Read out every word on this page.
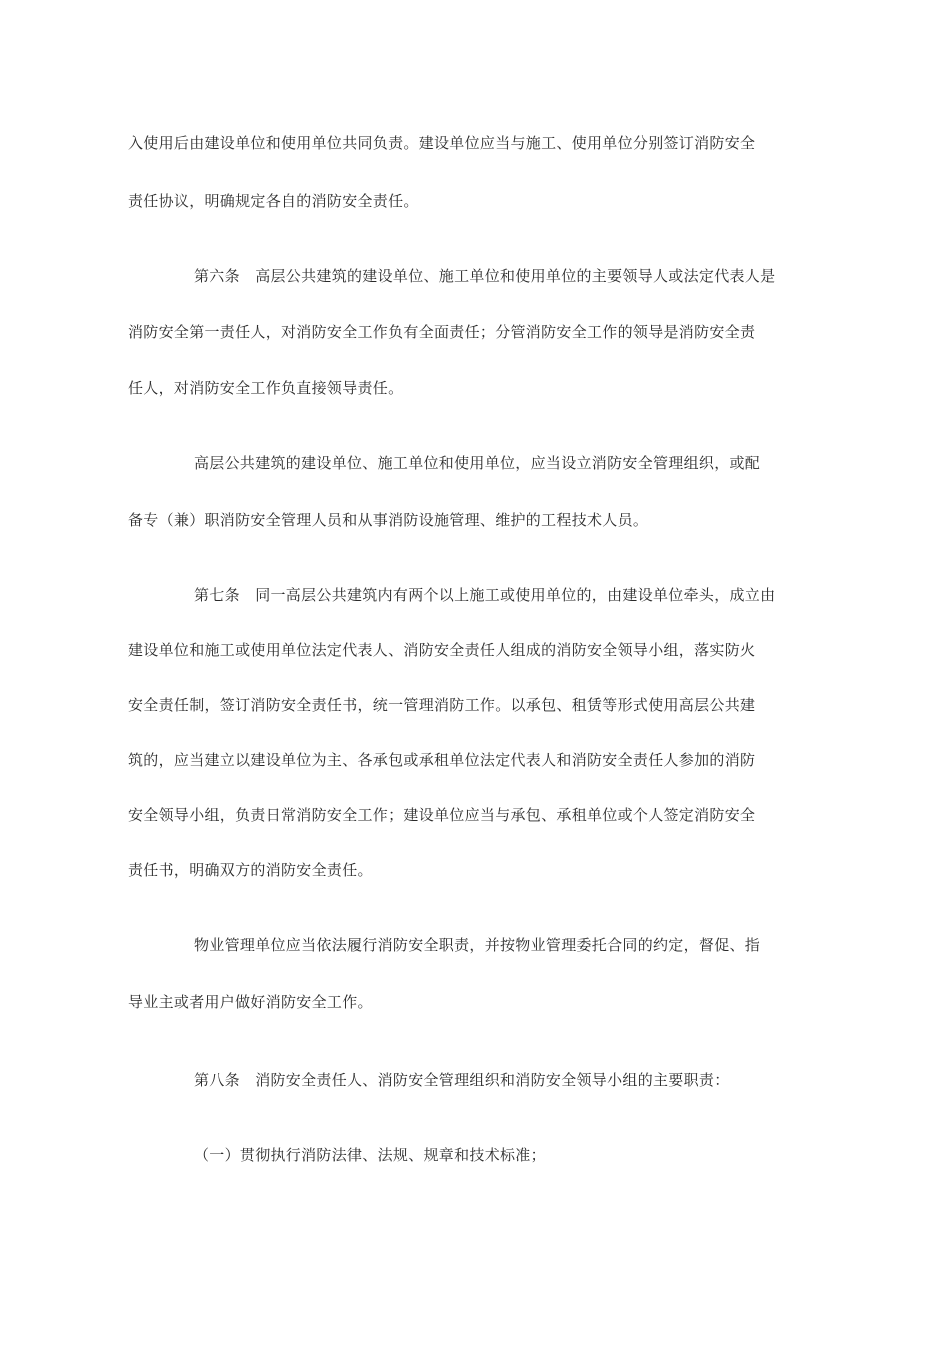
入使用后由建设单位和使用单位共同负责。建设单位应当与施工、使用单位分别签订消防安全
责任协议，明确规定各自的消防安全责任。
第六条　高层公共建筑的建设单位、施工单位和使用单位的主要领导人或法定代表人是
消防安全第一责任人，对消防安全工作负有全面责任；分管消防安全工作的领导是消防安全责
任人，对消防安全工作负直接领导责任。
高层公共建筑的建设单位、施工单位和使用单位，应当设立消防安全管理组织，或配
备专（兼）职消防安全管理人员和从事消防设施管理、维护的工程技术人员。
第七条　同一高层公共建筑内有两个以上施工或使用单位的，由建设单位牵头，成立由
建设单位和施工或使用单位法定代表人、消防安全责任人组成的消防安全领导小组，落实防火
安全责任制，签订消防安全责任书，统一管理消防工作。以承包、租赁等形式使用高层公共建
筑的，应当建立以建设单位为主、各承包或承租单位法定代表人和消防安全责任人参加的消防
安全领导小组，负责日常消防安全工作；建设单位应当与承包、承租单位或个人签定消防安全
责任书，明确双方的消防安全责任。
物业管理单位应当依法履行消防安全职责，并按物业管理委托合同的约定，督促、指
导业主或者用户做好消防安全工作。
第八条　消防安全责任人、消防安全管理组织和消防安全领导小组的主要职责：
（一）贯彻执行消防法律、法规、规章和技术标准；
